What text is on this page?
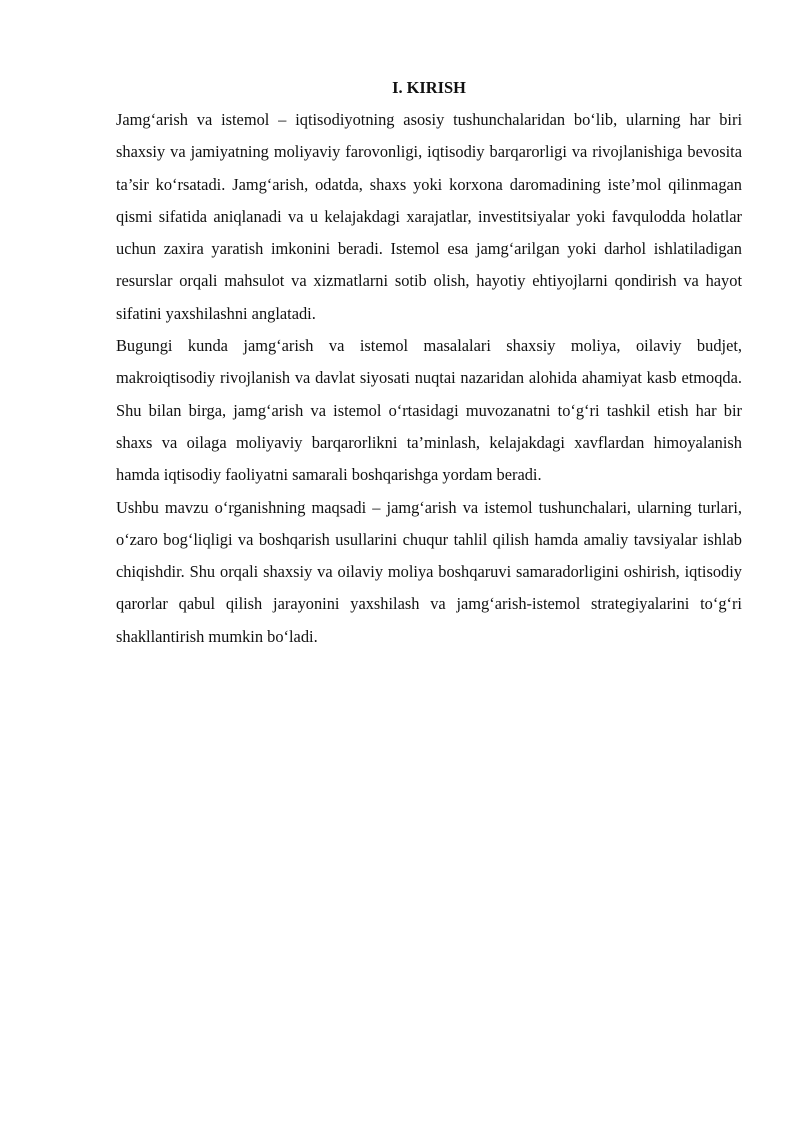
I. KIRISH

Jamg‘arish va istemol – iqtisodiyotning asosiy tushunchalaridan bo‘lib, ularning har biri shaxsiy va jamiyatning moliyaviy farovonligi, iqtisodiy barqarorligi va rivojlanishiga bevosita ta’sir ko‘rsatadi. Jamg‘arish, odatda, shaxs yoki korxona daromadining iste’mol qilinmagan qismi sifatida aniqlanadi va u kelajakdagi xarajatlar, investitsiyalar yoki favqulodda holatlar uchun zaxira yaratish imkonini beradi. Istemol esa jamg‘arilgan yoki darhol ishlatiladigan resurslar orqali mahsulot va xizmatlarni sotib olish, hayotiy ehtiyojlarni qondirish va hayot sifatini yaxshilashni anglatadi.

Bugungi kunda jamg‘arish va istemol masalalari shaxsiy moliya, oilaviy budjet, makroiqtisodiy rivojlanish va davlat siyosati nuqtai nazaridan alohida ahamiyat kasb etmoqda. Shu bilan birga, jamg‘arish va istemol o‘rtasidagi muvozanatni to‘g‘ri tashkil etish har bir shaxs va oilaga moliyaviy barqarorlikni ta’minlash, kelajakdagi xavflardan himoyalanish hamda iqtisodiy faoliyatni samarali boshqarishga yordam beradi.

Ushbu mavzu o‘rganishning maqsadi – jamg‘arish va istemol tushunchalari, ularning turlari, o‘zaro bog‘liqligi va boshqarish usullarini chuqur tahlil qilish hamda amaliy tavsiyalar ishlab chiqishdir. Shu orqali shaxsiy va oilaviy moliya boshqaruvi samaradorligini oshirish, iqtisodiy qarorlar qabul qilish jarayonini yaxshilash va jamg‘arish-istemol strategiyalarini to‘g‘ri shakllantirish mumkin bo‘ladi.
